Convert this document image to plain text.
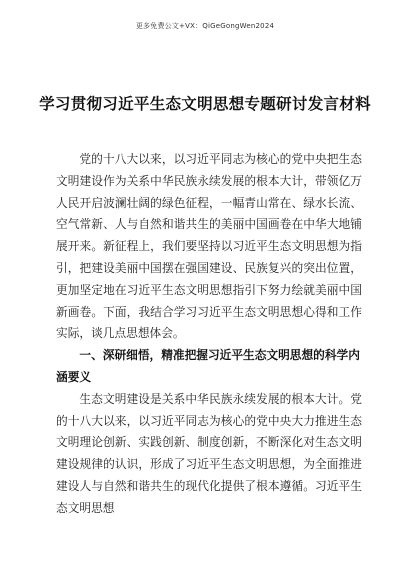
更多免费公文+VX：QiGeGongWen2024
学习贯彻习近平生态文明思想专题研讨发言材料

党的十八大以来，以习近平同志为核心的党中央把生态文明建设作为关系中华民族永续发展的根本大计，带领亿万人民开启波澜壮阔的绿色征程，一幅青山常在、绿水长流、空气常新、人与自然和谐共生的美丽中国画卷在中华大地铺展开来。新征程上，我们要坚持以习近平生态文明思想为指引，把建设美丽中国摆在强国建设、民族复兴的突出位置，更加坚定地在习近平生态文明思想指引下努力绘就美丽中国新画卷。下面，我结合学习习近平生态文明思想心得和工作实际，谈几点思想体会。

一、深研细悟，精准把握习近平生态文明思想的科学内涵要义

生态文明建设是关系中华民族永续发展的根本大计。党的十八大以来，以习近平同志为核心的党中央大力推进生态文明理论创新、实践创新、制度创新，不断深化对生态文明建设规律的认识，形成了习近平生态文明思想，为全面推进建设人与自然和谐共生的现代化提供了根本遵循。习近平生态文明思想
